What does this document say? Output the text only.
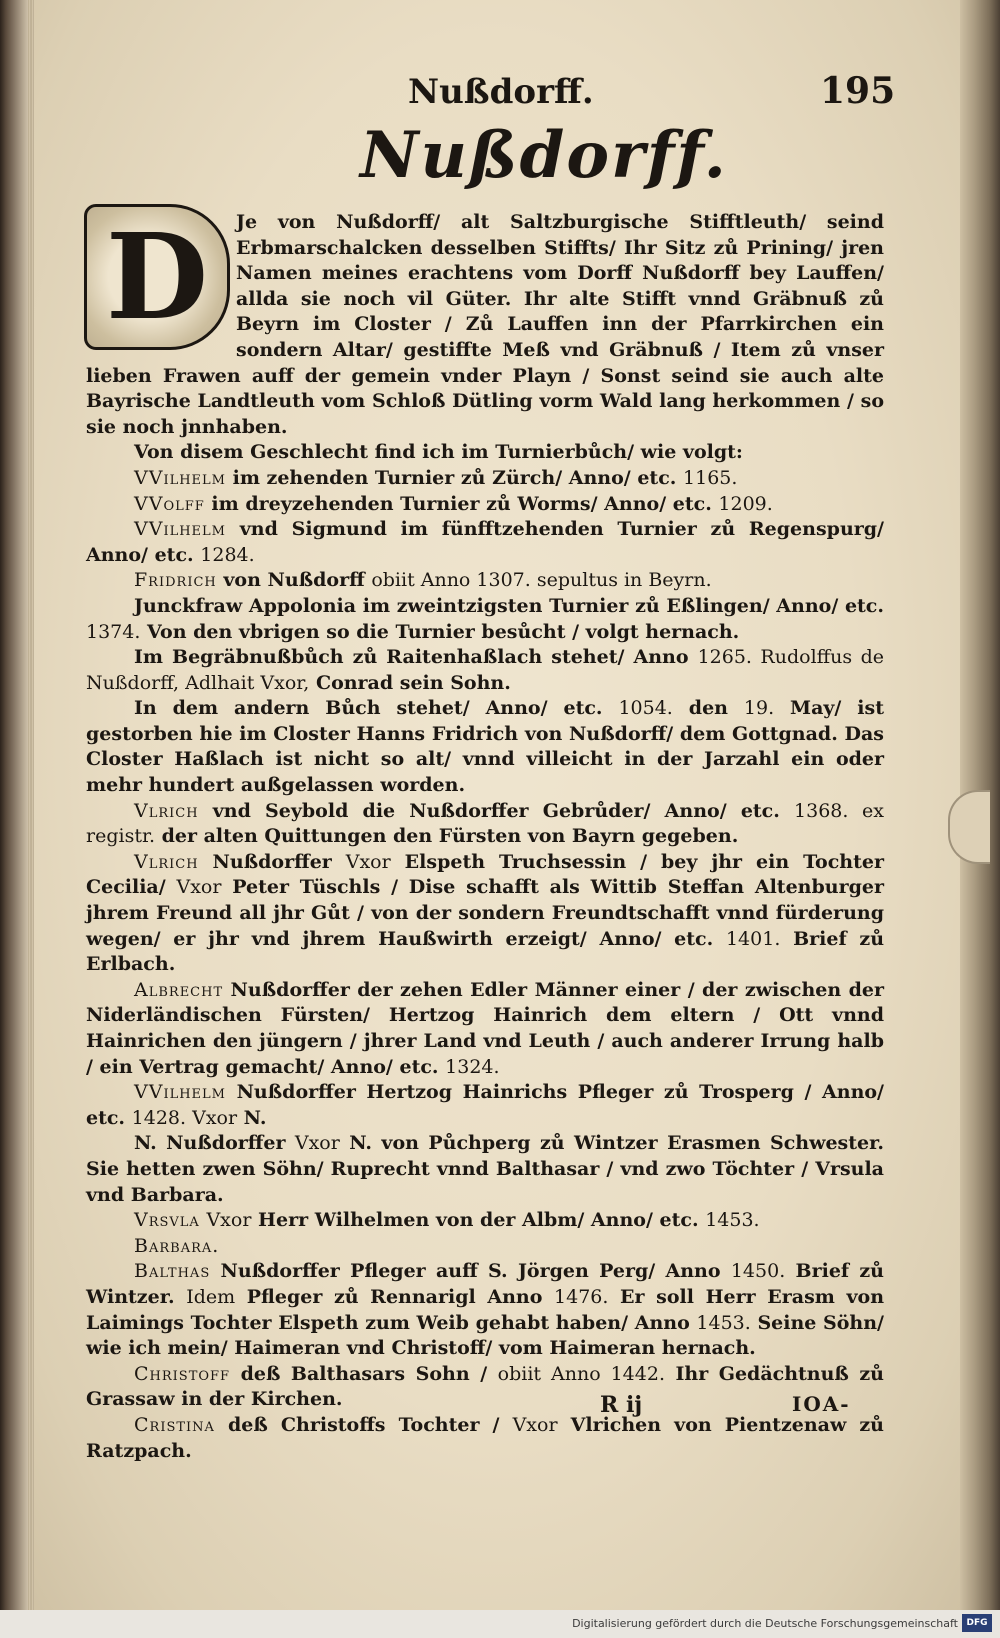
Nußdorff.	195
Nußdorff.
D	Je von Nußdorff/ alt Saltzburgische Stifftleuth/ seind Erbmarschalcken desselben Stiffts/ Ihr Sitz zů Prining/ jren Namen meines erachtens vom Dorff Nußdorff bey Lauffen/ allda sie noch vil Güter. Ihr alte Stifft vnnd Gräbnuß zů Beyrn im Closter / Zů Lauffen inn der Pfarrkirchen ein sondern Altar/ gestiffte Meß vnd Gräbnuß / Item zů vnser lieben Frawen auff der gemein vnder Playn / Sonst seind sie auch alte Bayrische Landtleuth vom Schloß Dütling vorm Wald lang herkommen / so sie noch jnnhaben.

Von disem Geschlecht find ich im Turnierbůch/ wie volgt:

VVilhelm im zehenden Turnier zů Zürch/ Anno/ etc. 1165.

VVolff im dreyzehenden Turnier zů Worms/ Anno/ etc. 1209.

VVilhelm vnd Sigmund im fünfftzehenden Turnier zů Regenspurg/ Anno/ etc. 1284.

Fridrich von Nußdorff obiit Anno 1307. sepultus in Beyrn.

Junckfraw Appolonia im zweintzigsten Turnier zů Eßlingen/ Anno/ etc. 1374. Von den vbrigen so die Turnier besůcht / volgt hernach.

Im Begräbnußbůch zů Raitenhaßlach stehet/ Anno 1265. Rudolffus de Nußdorff, Adlhait Vxor, Conrad sein Sohn.

In dem andern Bůch stehet/ Anno/ etc. 1054. den 19. May/ ist gestorben hie im Closter Hanns Fridrich von Nußdorff/ dem Gottgnad. Das Closter Haßlach ist nicht so alt/ vnnd villeicht in der Jarzahl ein oder mehr hundert außgelassen worden.

Vlrich vnd Seybold die Nußdorffer Gebrůder/ Anno/ etc. 1368. ex registr. der alten Quittungen den Fürsten von Bayrn gegeben.

Vlrich Nußdorffer Vxor Elspeth Truchsessin / bey jhr ein Tochter Cecilia/ Vxor Peter Tüschls / Dise schafft als Wittib Steffan Altenburger jhrem Freund all jhr Gůt / von der sondern Freundtschafft vnnd fürderung wegen/ er jhr vnd jhrem Haußwirth erzeigt/ Anno/ etc. 1401. Brief zů Erlbach.

Albrecht Nußdorffer der zehen Edler Männer einer / der zwischen der Niderländischen Fürsten/ Hertzog Hainrich dem eltern / Ott vnnd Hainrichen den jüngern / jhrer Land vnd Leuth / auch anderer Irrung halb / ein Vertrag gemacht/ Anno/ etc. 1324.

VVilhelm Nußdorffer Hertzog Hainrichs Pfleger zů Trosperg / Anno/ etc. 1428. Vxor N.

N. Nußdorffer Vxor N. von Půchperg zů Wintzer Erasmen Schwester. Sie hetten zwen Söhn/ Ruprecht vnnd Balthasar / vnd zwo Töchter / Vrsula vnd Barbara.

Vrsvla Vxor Herr Wilhelmen von der Albm/ Anno/ etc. 1453.

Barbara.

Balthas Nußdorffer Pfleger auff S. Jörgen Perg/ Anno 1450. Brief zů Wintzer. Idem Pfleger zů Rennarigl Anno 1476. Er soll Herr Erasm von Laimings Tochter Elspeth zum Weib gehabt haben/ Anno 1453. Seine Söhn/ wie ich mein/ Haimeran vnd Christoff/ vom Haimeran hernach.

Christoff deß Balthasars Sohn / obiit Anno 1442. Ihr Gedächtnuß zů Grassaw in der Kirchen.

Cristina deß Christoffs Tochter / Vxor Vlrichen von Pientzenaw zů Ratzpach.

R ij	IOA-
Digitalisierung gefördert durch die Deutsche Forschungsgemeinschaft DFG
